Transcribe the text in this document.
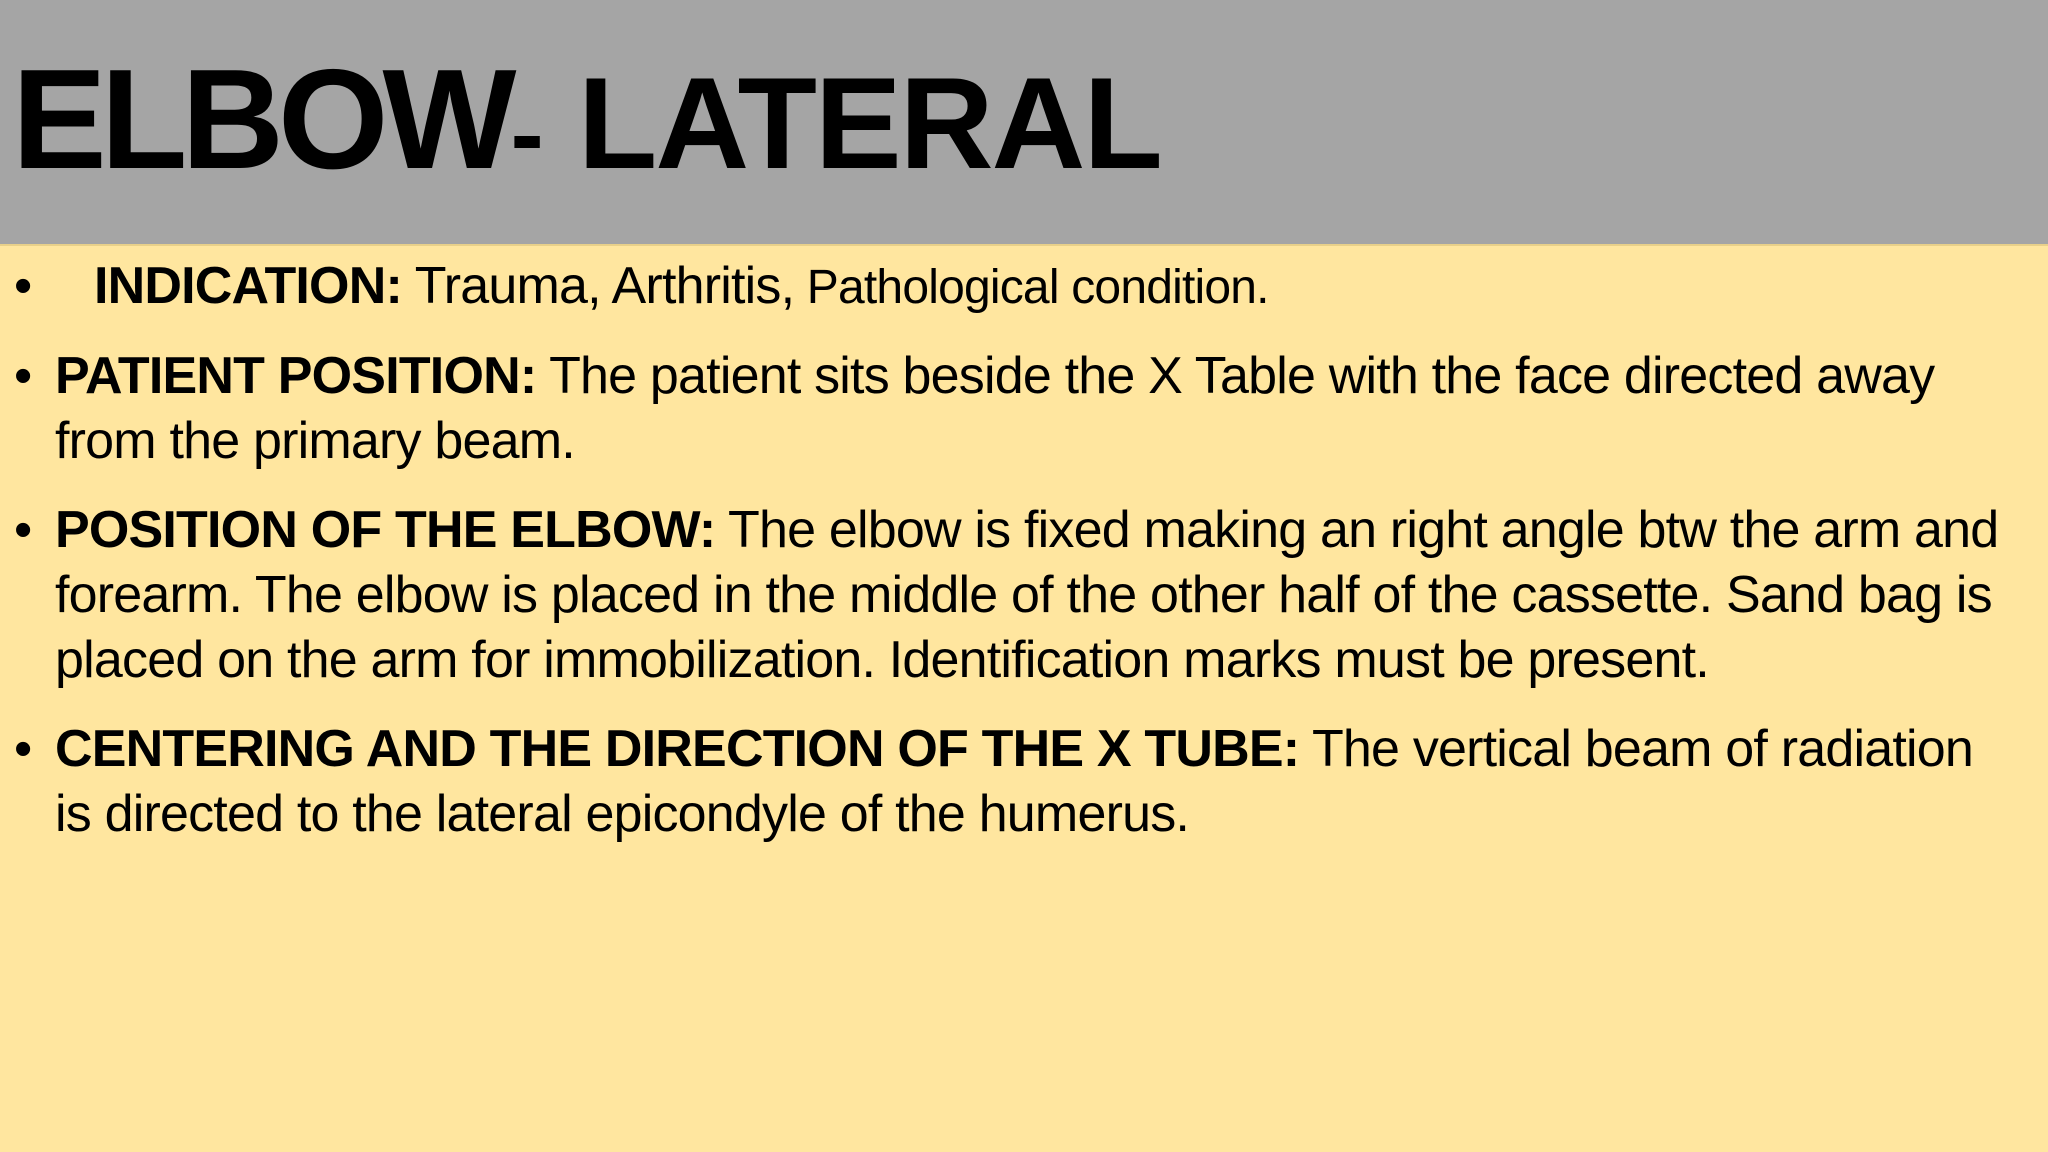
ELBOW- LATERAL
• INDICATION: Trauma, Arthritis, Pathological condition.
• PATIENT POSITION: The patient sits beside the X Table with the face directed away from the primary beam.
• POSITION OF THE ELBOW: The elbow is fixed making an right angle btw the arm and forearm. The elbow is placed in the middle of the other half of the cassette. Sand bag is placed on the arm for immobilization. Identification marks must be present.
• CENTERING AND THE DIRECTION OF THE X TUBE: The vertical beam of radiation is directed to the lateral epicondyle of the humerus.
